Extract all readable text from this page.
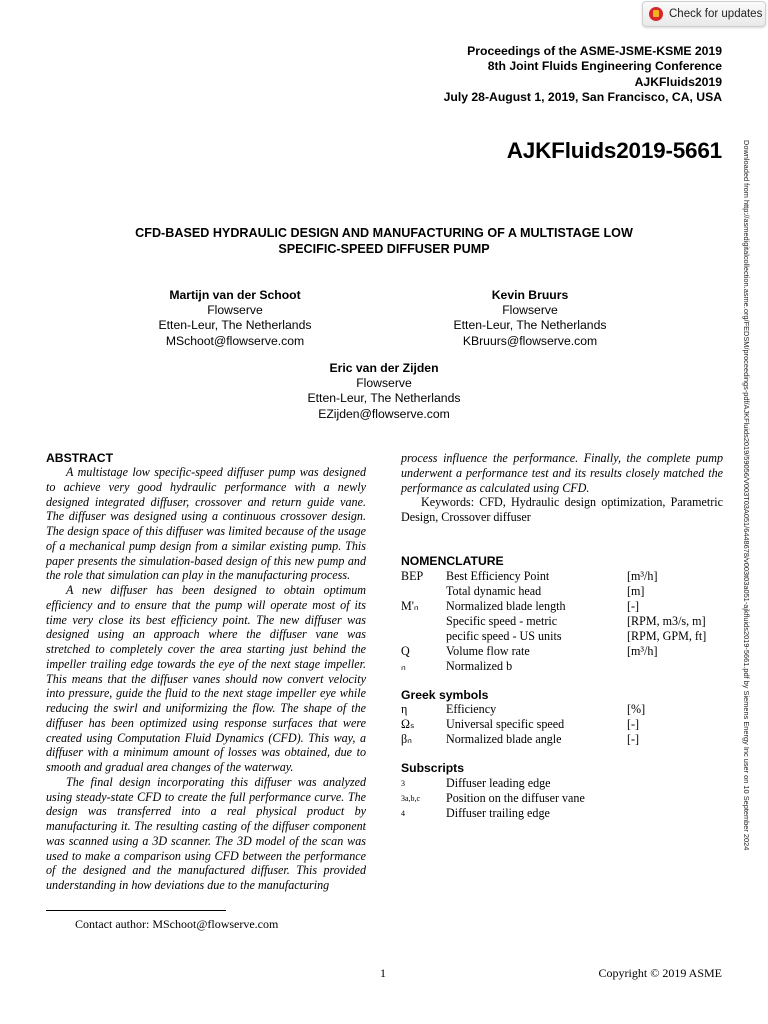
Check for updates
Proceedings of the ASME-JSME-KSME 2019
8th Joint Fluids Engineering Conference
AJKFluids2019
July 28-August 1, 2019, San Francisco, CA, USA
AJKFluids2019-5661
CFD-BASED HYDRAULIC DESIGN AND MANUFACTURING OF A MULTISTAGE LOW
SPECIFIC-SPEED DIFFUSER PUMP
Martijn van der Schoot
Flowserve
Etten-Leur, The Netherlands
MSchoot@flowserve.com
Kevin Bruurs
Flowserve
Etten-Leur, The Netherlands
KBruurs@flowserve.com
Eric van der Zijden
Flowserve
Etten-Leur, The Netherlands
EZijden@flowserve.com
ABSTRACT

A multistage low specific-speed diffuser pump was designed to achieve very good hydraulic performance with a newly designed integrated diffuser, crossover and return guide vane. The diffuser was designed using a continuous crossover design. The design space of this diffuser was limited because of the usage of a mechanical pump design from a similar existing pump. This paper presents the simulation-based design of this new pump and the role that simulation can play in the manufacturing process.

A new diffuser has been designed to obtain optimum efficiency and to ensure that the pump will operate most of its time very close its best efficiency point. The new diffuser was designed using an approach where the diffuser vane was stretched to completely cover the area starting just behind the impeller trailing edge towards the eye of the next stage impeller. This means that the diffuser vanes should now convert velocity into pressure, guide the fluid to the next stage impeller eye while reducing the swirl and uniformizing the flow. The shape of the diffuser has been optimized using response surfaces that were created using Computation Fluid Dynamics (CFD). This way, a diffuser with a minimum amount of losses was obtained, due to smooth and gradual area changes of the waterway.

The final design incorporating this diffuser was analyzed using steady-state CFD to create the full performance curve. The design was transferred into a real physical product by manufacturing it. The resulting casting of the diffuser component was scanned using a 3D scanner. The 3D model of the scan was used to make a comparison using CFD between the performance of the designed and the manufactured diffuser. This provided understanding in how deviations due to the manufacturing

process influence the performance. Finally, the complete pump underwent a performance test and its results closely matched the performance as calculated using CFD.

Keywords: CFD, Hydraulic design optimization, Parametric Design, Crossover diffuser

NOMENCLATURE
BEP Best Efficiency Point	[m³/h]
Total dynamic head	[m]
M'ₙ Normalized blade length	[-]
Specific speed - metric	[RPM, m3/s, m]
pecific speed - US units	[RPM, GPM, ft]
Q	Volume flow rate	[m³/h]
ₙ	Normalized b
Greek symbols
η	Efficiency	[%]
Ωₛ	Universal specific speed	[-]
βₙ	Normalized blade angle	[-]
Subscripts
3	Diffuser leading edge
3a,b,c Position on the diffuser vane
4	Diffuser trailing edge
Contact author: MSchoot@flowserve.com
1	Copyright © 2019 ASME
Downloaded from http://asmedigitalcollection.asme.org/FEDSM/proceedings-pdf/AJKFluids2019/59056/V003T03A051/6448678/v003t03a051-ajkfluids2019-5661.pdf by Siemens Energy Inc user on 10 September 2024
